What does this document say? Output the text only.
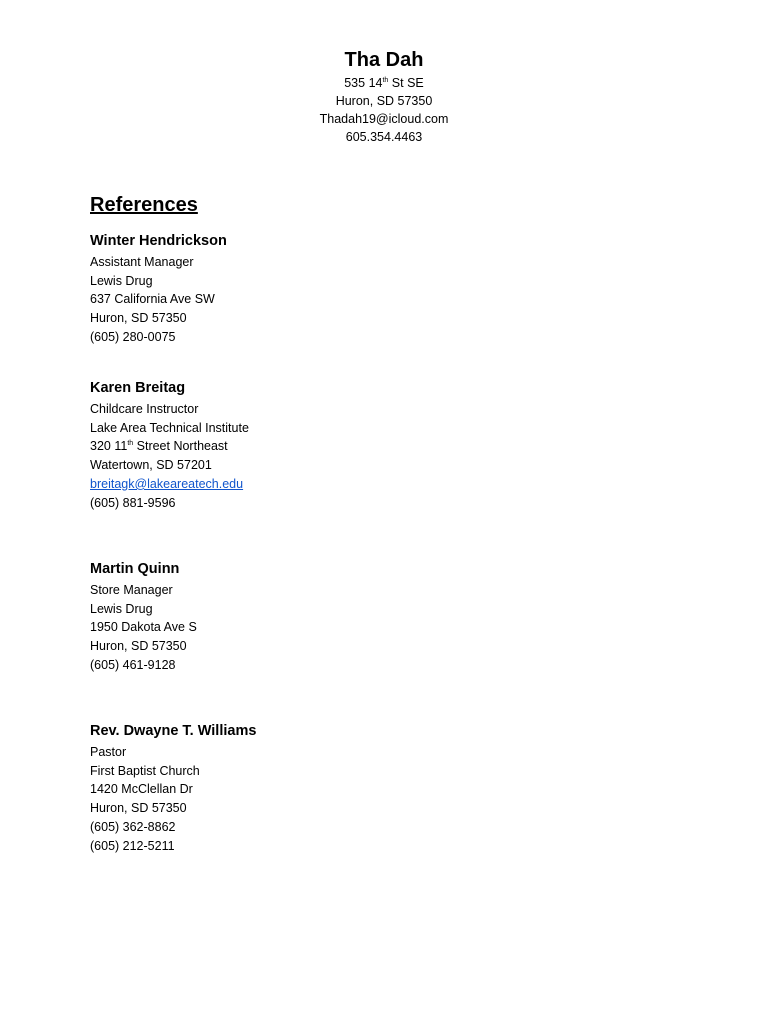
Tha Dah

535 14th St SE

Huron, SD 57350

Thadah19@icloud.com

605.354.4463

References

Winter Hendrickson

Assistant Manager

Lewis Drug

637 California Ave SW

Huron, SD 57350

(605) 280-0075

Karen Breitag

Childcare Instructor

Lake Area Technical Institute

320 11th Street Northeast

Watertown, SD 57201

breitagk@lakeareatech.edu

(605) 881-9596

Martin Quinn

Store Manager

Lewis Drug

1950 Dakota Ave S

Huron, SD 57350

(605) 461-9128

Rev. Dwayne T. Williams

Pastor

First Baptist Church

1420 McClellan Dr

Huron, SD 57350

(605) 362-8862

(605) 212-5211
